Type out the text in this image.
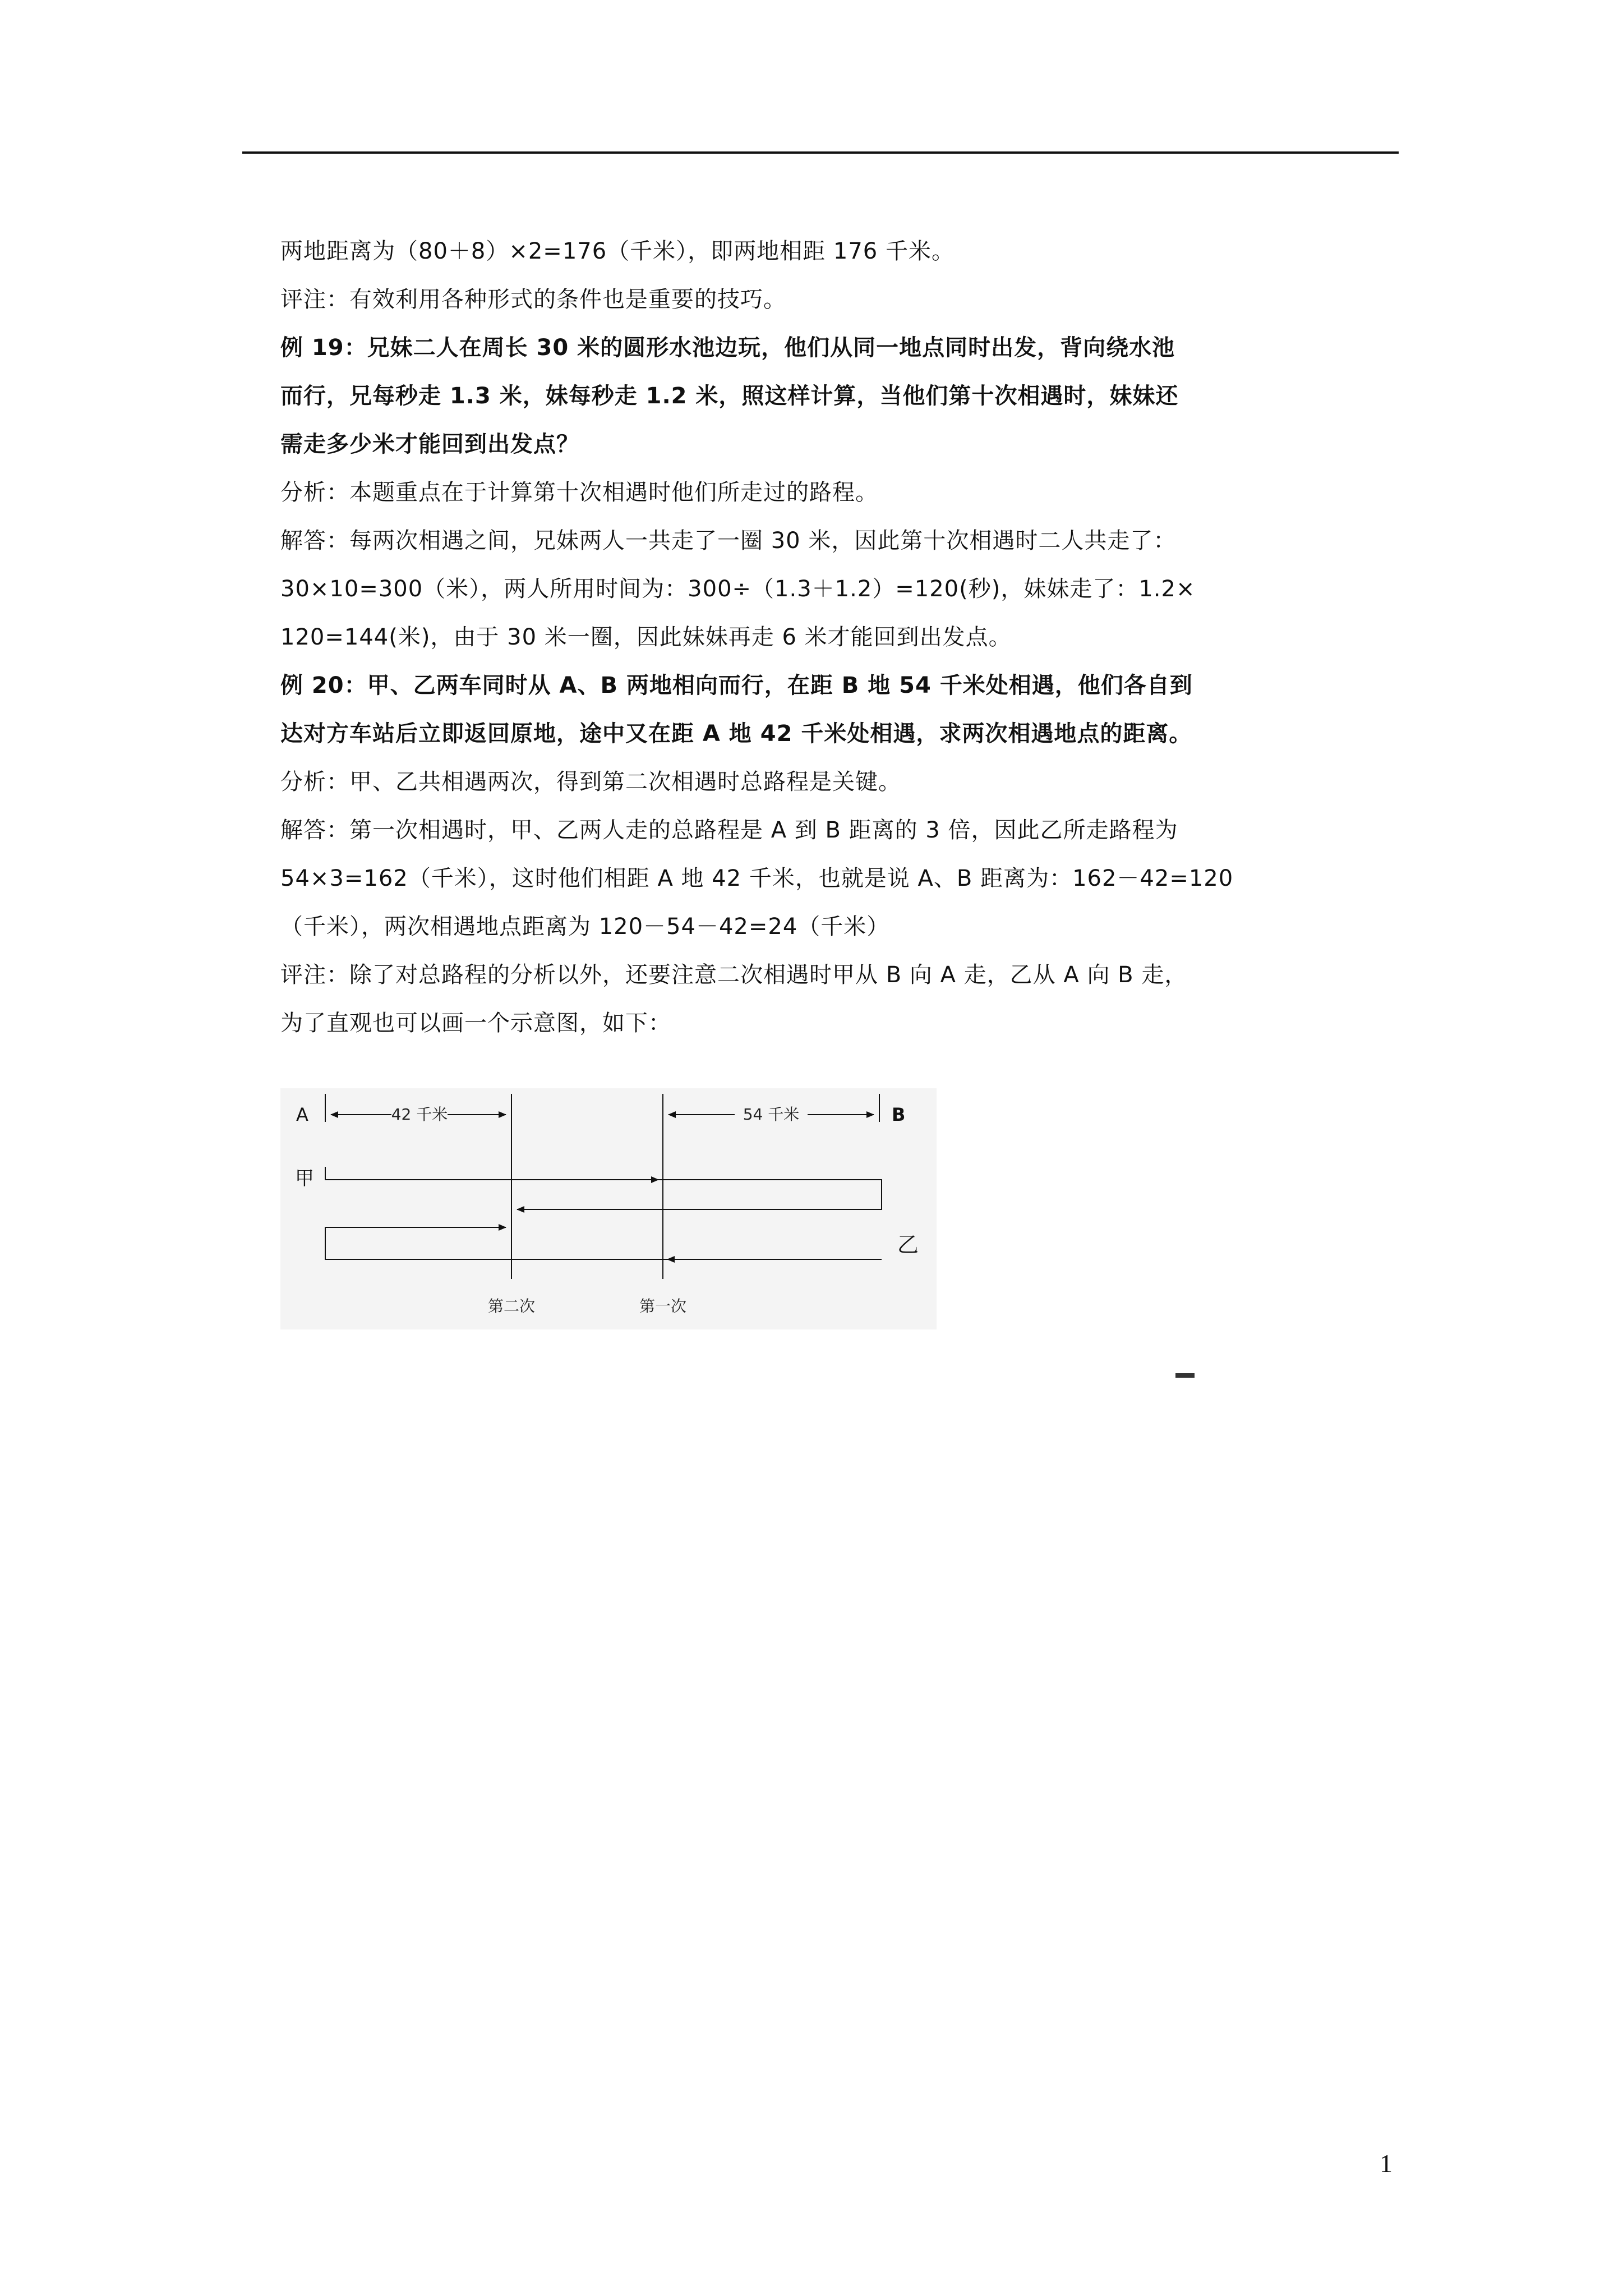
两地距离为（80＋8）×2=176（千米），即两地相距 176 千米。
评注：有效利用各种形式的条件也是重要的技巧。
例 19：兄妹二人在周长 30 米的圆形水池边玩，他们从同一地点同时出发，背向绕水池
而行，兄每秒走 1.3 米，妹每秒走 1.2 米，照这样计算，当他们第十次相遇时，妹妹还
需走多少米才能回到出发点？
分析：本题重点在于计算第十次相遇时他们所走过的路程。
解答：每两次相遇之间，兄妹两人一共走了一圈 30 米，因此第十次相遇时二人共走了：
30×10=300（米），两人所用时间为：300÷（1.3＋1.2）=120(秒)，妹妹走了：1.2×
120=144(米)，由于 30 米一圈，因此妹妹再走 6 米才能回到出发点。
例 20：甲、乙两车同时从 A、B 两地相向而行，在距 B 地 54 千米处相遇，他们各自到
达对方车站后立即返回原地，途中又在距 A 地 42 千米处相遇，求两次相遇地点的距离。
分析：甲、乙共相遇两次，得到第二次相遇时总路程是关键。
解答：第一次相遇时，甲、乙两人走的总路程是 A 到 B 距离的 3 倍，因此乙所走路程为
54×3=162（千米），这时他们相距 A 地 42 千米，也就是说 A、B 距离为：162－42=120
（千米），两次相遇地点距离为 120－54－42=24（千米）
评注：除了对总路程的分析以外，还要注意二次相遇时甲从 B 向 A 走，乙从 A 向 B 走，
为了直观也可以画一个示意图，如下：
42 千米	54 千米
A	B
甲
乙
第二次	第一次
1
